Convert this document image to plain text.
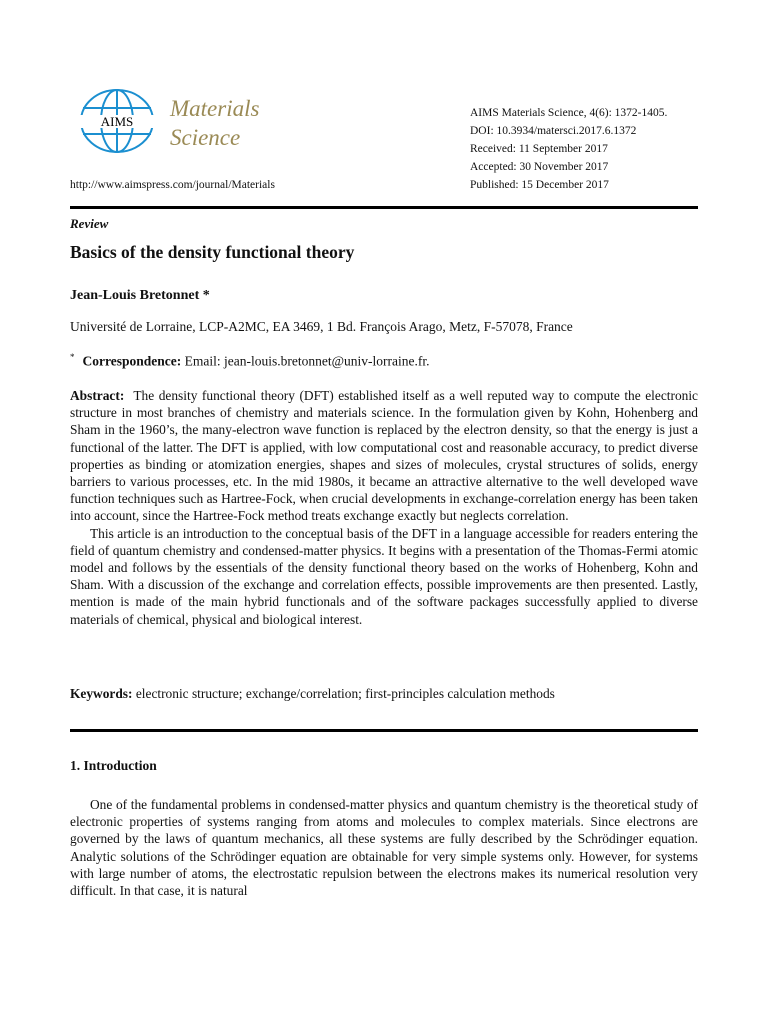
AIMS
Materials
Science
http://www.aimspress.com/journal/Materials
AIMS Materials Science, 4(6): 1372-1405.
DOI: 10.3934/matersci.2017.6.1372
Received: 11 September 2017
Accepted: 30 November 2017
Published: 15 December 2017
Review
Basics of the density functional theory
Jean-Louis Bretonnet *
Université de Lorraine, LCP-A2MC, EA 3469, 1 Bd. François Arago, Metz, F-57078, France
* Correspondence: Email: jean-louis.bretonnet@univ-lorraine.fr.

Abstract: The density functional theory (DFT) established itself as a well reputed way to compute the electronic structure in most branches of chemistry and materials science. In the formulation given by Kohn, Hohenberg and Sham in the 1960’s, the many-electron wave function is replaced by the electron density, so that the energy is just a functional of the latter. The DFT is applied, with low computational cost and reasonable accuracy, to predict diverse properties as binding or atomization energies, shapes and sizes of molecules, crystal structures of solids, energy barriers to various processes, etc. In the mid 1980s, it became an attractive alternative to the well developed wave function techniques such as Hartree-Fock, when crucial developments in exchange-correlation energy has been taken into account, since the Hartree-Fock method treats exchange exactly but neglects correlation.

This article is an introduction to the conceptual basis of the DFT in a language accessible for readers entering the field of quantum chemistry and condensed-matter physics. It begins with a presentation of the Thomas-Fermi atomic model and follows by the essentials of the density functional theory based on the works of Hohenberg, Kohn and Sham. With a discussion of the exchange and correlation effects, possible improvements are then presented. Lastly, mention is made of the main hybrid functionals and of the software packages successfully applied to diverse materials of chemical, physical and biological interest.

Keywords: electronic structure; exchange/correlation; first-principles calculation methods
1. Introduction

One of the fundamental problems in condensed-matter physics and quantum chemistry is the theoretical study of electronic properties of systems ranging from atoms and molecules to complex materials. Since electrons are governed by the laws of quantum mechanics, all these systems are fully described by the Schrödinger equation. Analytic solutions of the Schrödinger equation are obtainable for very simple systems only. However, for systems with large number of atoms, the electrostatic repulsion between the electrons makes its numerical resolution very difficult. In that case, it is natural
